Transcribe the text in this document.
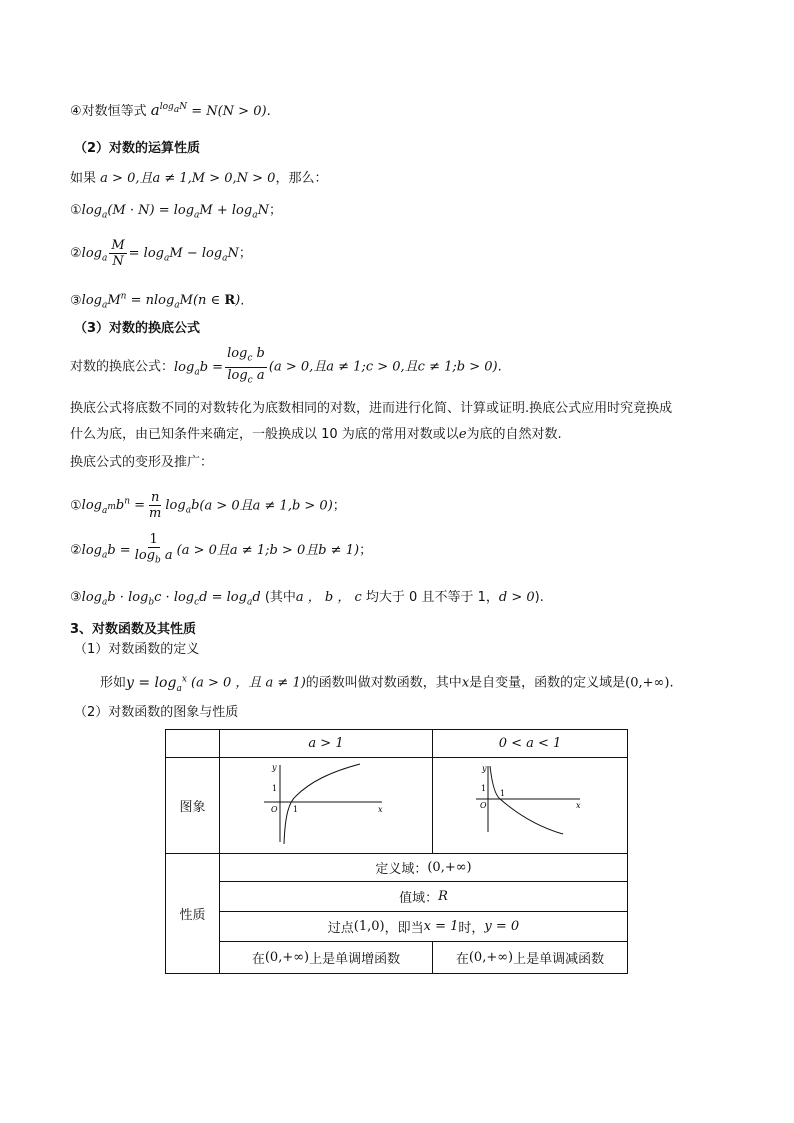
④对数恒等式 $a^{log_aN} = N(N > 0)$.
（2）对数的运算性质
如果 a > 0,且a ≠ 1,M > 0,N > 0，那么：
$①\log_a(M \cdot N) = \log_aM + \log_aN$；
$②\log_a \frac{M}{N} = \log_aM - \log_aN$；
$③\log_aM^n = nlog_aM(n$ ∈ R).
（3）对数的换底公式
对数的换底公式：$\log_ab = \frac{\log_c b}{\log_c a} (a > 0$,且a ≠ 1;c > 0,且c ≠ 1;b > 0).
换底公式将底数不同的对数转化为底数相同的对数，进而进行化简、计算或证明.换底公式应用时究竟换成
什么为底，由已知条件来确定，一般换成以 10 为底的常用对数或以e为底的自然对数.
换底公式的变形及推广：
$①\log_{a^m}b^n = \frac{n}{m} \log_ab(a > 0$且a ≠ 1,b > 0)；
$②\log_ab = \frac{1}{\log_b a} (a > 0$且a ≠ 1;b > 0且b ≠ 1)；
$③\log_ab \cdot \log_bc \cdot \log_cd = \log_ad$ (其中a ， b ， c 均大于 0 且不等于 1，d > 0).
3、对数函数及其性质
（1）对数函数的定义
形如$y = \log_a^x (a > 0$ ，且 a ≠ 1)的函数叫做对数函数，其中x是自变量，函数的定义域是(0,+∞).
（2）对数函数的图象与性质
y
x
O 1
1
y
x
O
1
1
a > 1	0 < a < 1
图象
性质
定义域： (0,+∞)
值域： R
过点 (1,0) ，即当 x = 1 时， y = 0
在 (0,+∞) 上是单调增函数	在 (0,+∞) 上是单调减函数
